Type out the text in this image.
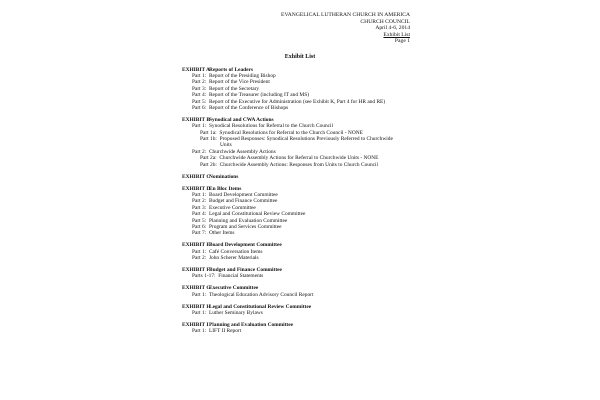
EVANGELICAL LUTHERAN CHURCH IN AMERICA
CHURCH COUNCIL
April 4-6, 2014
Exhibit List
Page 1
Exhibit List
EXHIBIT AReports of Leaders
Part 1: Report of the Presiding Bishop
Part 2: Report of the Vice President
Part 3: Report of the Secretary
Part 4: Report of the Treasurer (including IT and MS)
Part 5: Report of the Executive for Administration (see Exhibit K, Part 4 for HR and RE)
Part 6: Report of the Conference of Bishops
EXHIBIT BSynodical and CWA Actions
Part 1: Synodical Resolutions for Referral to the Church Council
Part 1a: Synodical Resolutions for Referral to the Church Council - NONE
Part 1b: Proposed Responses: Synodical Resolutions Previously Referred to Churchwide
Units
Part 2: Churchwide Assembly Actions
Part 2a: Churchwide Assembly Actions for Referral to Churchwide Units - NONE
Part 2b: Churchwide Assembly Actions: Responses from Units to Church Council
EXHIBIT CNominations
EXHIBIT DEn Bloc Items
Part 1: Board Development Committee
Part 2: Budget and Finance Committee
Part 3: Executive Committee
Part 4: Legal and Constitutional Review Committee
Part 5: Planning and Evaluation Committee
Part 6: Program and Services Committee
Part 7: Other Items
EXHIBIT EBoard Development Committee
Part 1: Café Conversation Items
Part 2: John Scherer Materials
EXHIBIT FBudget and Finance Committee
Parts 1-17: Financial Statements
EXHIBIT GExecutive Committee
Part 1: Theological Education Advisory Council Report
EXHIBIT HLegal and Constitutional Review Committee
Part 1: Luther Seminary Bylaws
EXHIBIT IPlanning and Evaluation Committee
Part 1: LIFT II Report
